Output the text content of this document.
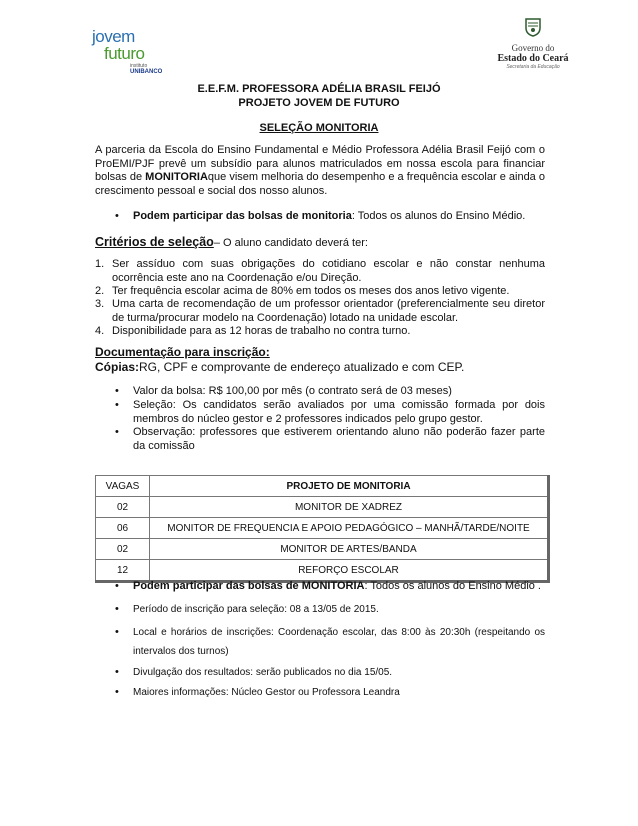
jovem
futuro
instituto
UNIBANCO
Governo do
Estado do Ceará
Secretaria da Educação
E.E.F.M. PROFESSORA ADÉLIA BRASIL FEIJÓ
PROJETO JOVEM DE FUTURO
SELEÇÃO MONITORIA
A parceria da Escola do Ensino Fundamental e Médio Professora Adélia Brasil Feijó com o ProEMI/PJF prevê um subsídio para alunos matriculados em nossa escola para financiar bolsas de MONITORIAque visem melhoria do desempenho e a frequência escolar e ainda o crescimento pessoal e social dos nosso alunos.
• Podem participar das bolsas de monitoria: Todos os alunos do Ensino Médio.
Critérios de seleção– O aluno candidato deverá ter:
1. Ser assíduo com suas obrigações do cotidiano escolar e não constar nenhuma ocorrência este ano na Coordenação e/ou Direção.
2. Ter frequência escolar acima de 80% em todos os meses dos anos letivo vigente.
3. Uma carta de recomendação de um professor orientador (preferencialmente seu diretor de turma/procurar modelo na Coordenação) lotado na unidade escolar.
4. Disponibilidade para as 12 horas de trabalho no contra turno.
Documentação para inscrição:
Cópias:RG, CPF e comprovante de endereço atualizado e com CEP.
• Valor da bolsa: R$ 100,00 por mês (o contrato será de 03 meses)
• Seleção: Os candidatos serão avaliados por uma comissão formada por dois membros do núcleo gestor e 2 professores indicados pelo grupo gestor.
• Observação: professores que estiverem orientando aluno não poderão fazer parte da comissão
VAGAS	PROJETO DE MONITORIA
02	MONITOR DE XADREZ
06	MONITOR DE FREQUENCIA E APOIO PEDAGÓGICO – MANHÃ/TARDE/NOITE
02	MONITOR DE ARTES/BANDA
12	REFORÇO ESCOLAR
• Podem participar das bolsas de MONITORIA: Todos os alunos do Ensino Médio .
• Período de inscrição para seleção: 08 a 13/05 de 2015.
• Local e horários de inscrições: Coordenação escolar, das 8:00 às 20:30h (respeitando os intervalos dos turnos)
• Divulgação dos resultados: serão publicados no dia 15/05.
• Maiores informações: Núcleo Gestor ou Professora Leandra
